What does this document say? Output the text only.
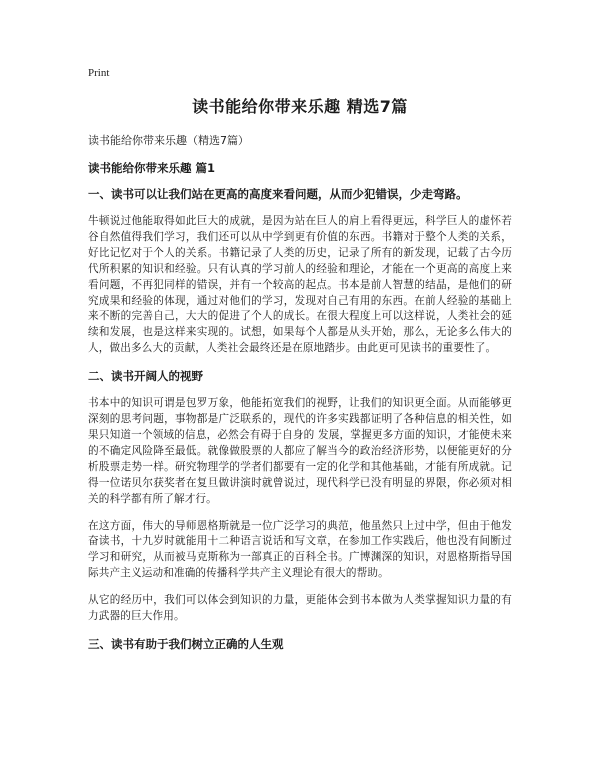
Print
读书能给你带来乐趣 精选7篇
读书能给你带来乐趣（精选7篇）
读书能给你带来乐趣 篇1
一、读书可以让我们站在更高的高度来看问题，从而少犯错误，少走弯路。

牛顿说过他能取得如此巨大的成就，是因为站在巨人的肩上看得更远，科学巨人的虚怀若谷自然值得我们学习，我们还可以从中学到更有价值的东西。书籍对于整个人类的关系，好比记忆对于个人的关系。书籍记录了人类的历史，记录了所有的新发现，记载了古今历代所积累的知识和经验。只有认真的学习前人的经验和理论，才能在一个更高的高度上来看问题，不再犯同样的错误，并有一个较高的起点。书本是前人智慧的结晶，是他们的研究成果和经验的体现，通过对他们的学习，发现对自己有用的东西。在前人经验的基础上来不断的完善自己，大大的促进了个人的成长。在很大程度上可以这样说，人类社会的延续和发展，也是这样来实现的。试想，如果每个人都是从头开始，那么，无论多么伟大的人，做出多么大的贡献，人类社会最终还是在原地踏步。由此更可见读书的重要性了。

二、读书开阔人的视野

书本中的知识可谓是包罗万象，他能拓宽我们的视野，让我们的知识更全面。从而能够更深刻的思考问题，事物都是广泛联系的，现代的许多实践都证明了各种信息的相关性，如果只知道一个领域的信息，必然会有碍于自身的 发展，掌握更多方面的知识，才能使未来的不确定风险降至最低。就像做股票的人都应了解当今的政治经济形势，以便能更好的分析股票走势一样。研究物理学的学者们都要有一定的化学和其他基础，才能有所成就。记得一位诺贝尔获奖者在复旦做讲演时就曾说过，现代科学已没有明显的界限，你必须对相关的科学都有所了解才行。

在这方面，伟大的导师恩格斯就是一位广泛学习的典范，他虽然只上过中学，但由于他发奋读书，十九岁时就能用十二种语言说话和写文章，在参加工作实践后，他也没有间断过学习和研究，从而被马克斯称为一部真正的百科全书。广博渊深的知识，对恩格斯指导国际共产主义运动和准确的传播科学共产主义理论有很大的帮助。

从它的经历中，我们可以体会到知识的力量，更能体会到书本做为人类掌握知识力量的有力武器的巨大作用。

三、读书有助于我们树立正确的人生观
